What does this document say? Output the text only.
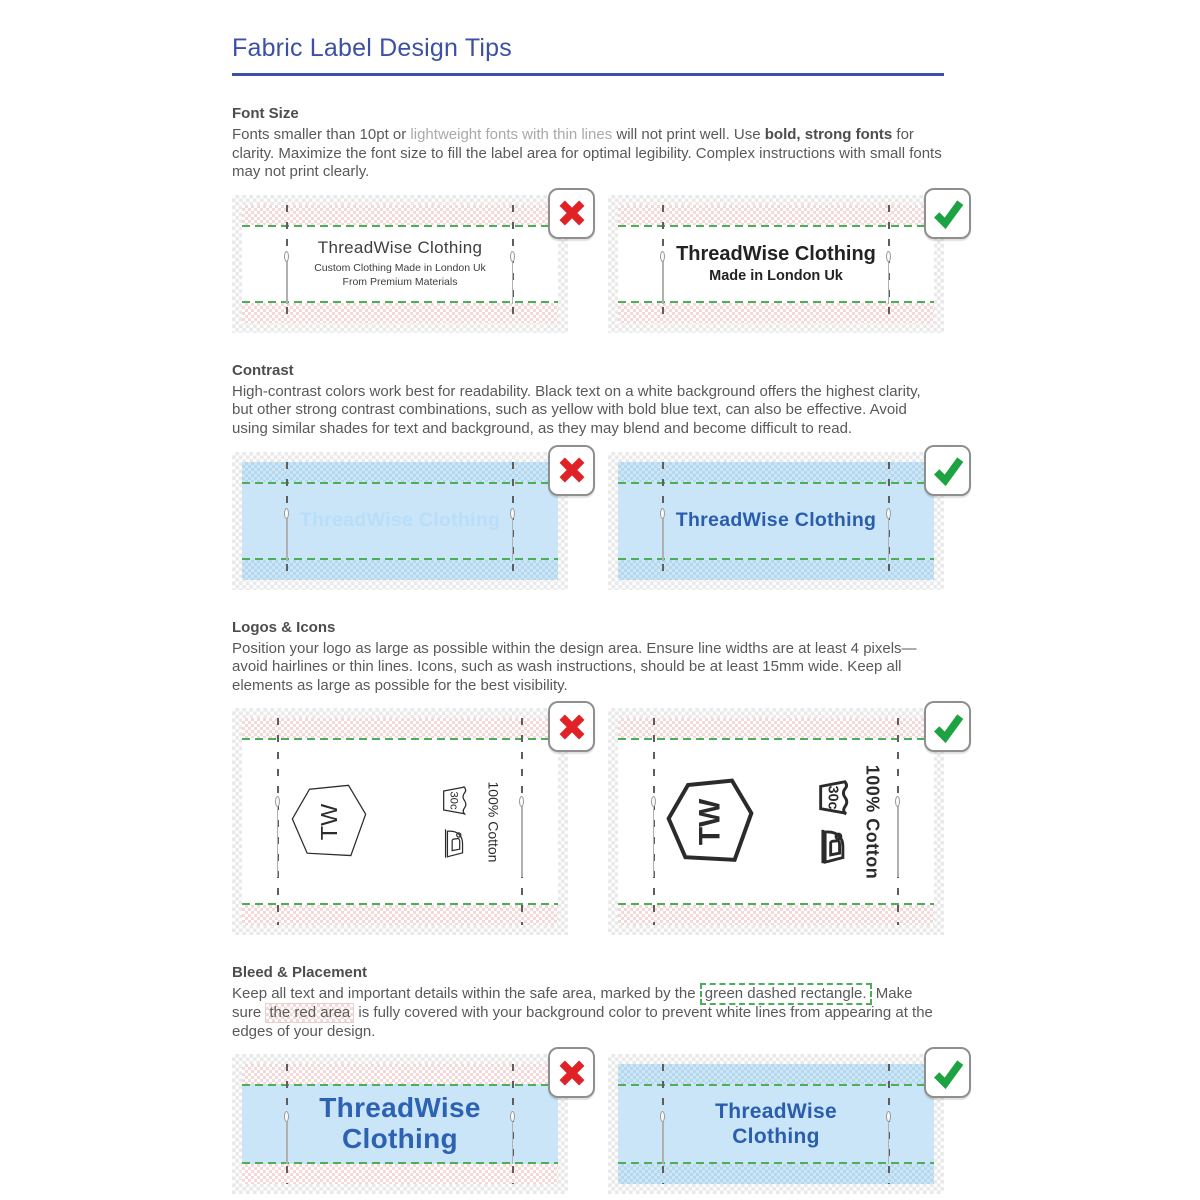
Fabric Label Design Tips
Font Size

Fonts smaller than 10pt or lightweight fonts with thin lines will not print well. Use bold, strong fonts for clarity. Maximize the font size to fill the label area for optimal legibility. Complex instructions with small fonts may not print clearly.

ThreadWise Clothing
Custom Clothing Made in London Uk
From Premium Materials
ThreadWise Clothing
Made in London Uk
Contrast

High-contrast colors work best for readability. Black text on a white background offers the highest clarity, but other strong contrast combinations, such as yellow with bold blue text, can also be effective. Avoid using similar shades for text and background, as they may blend and become difficult to read.

ThreadWise Clothing	ThreadWise Clothing
Logos & Icons

Position your logo as large as possible within the design area. Ensure line widths are at least 4 pixels—avoid hairlines or thin lines. Icons, such as wash instructions, should be at least 15mm wide. Keep all elements as large as possible for the best visibility.

TW
30c 100% Cotton	TW
30c 100% Cotton
Bleed & Placement

Keep all text and important details within the safe area, marked by the green dashed rectangle. Make sure the red area is fully covered with your background color to prevent white lines from appearing at the edges of your design.

ThreadWise
Clothing
ThreadWise
Clothing
